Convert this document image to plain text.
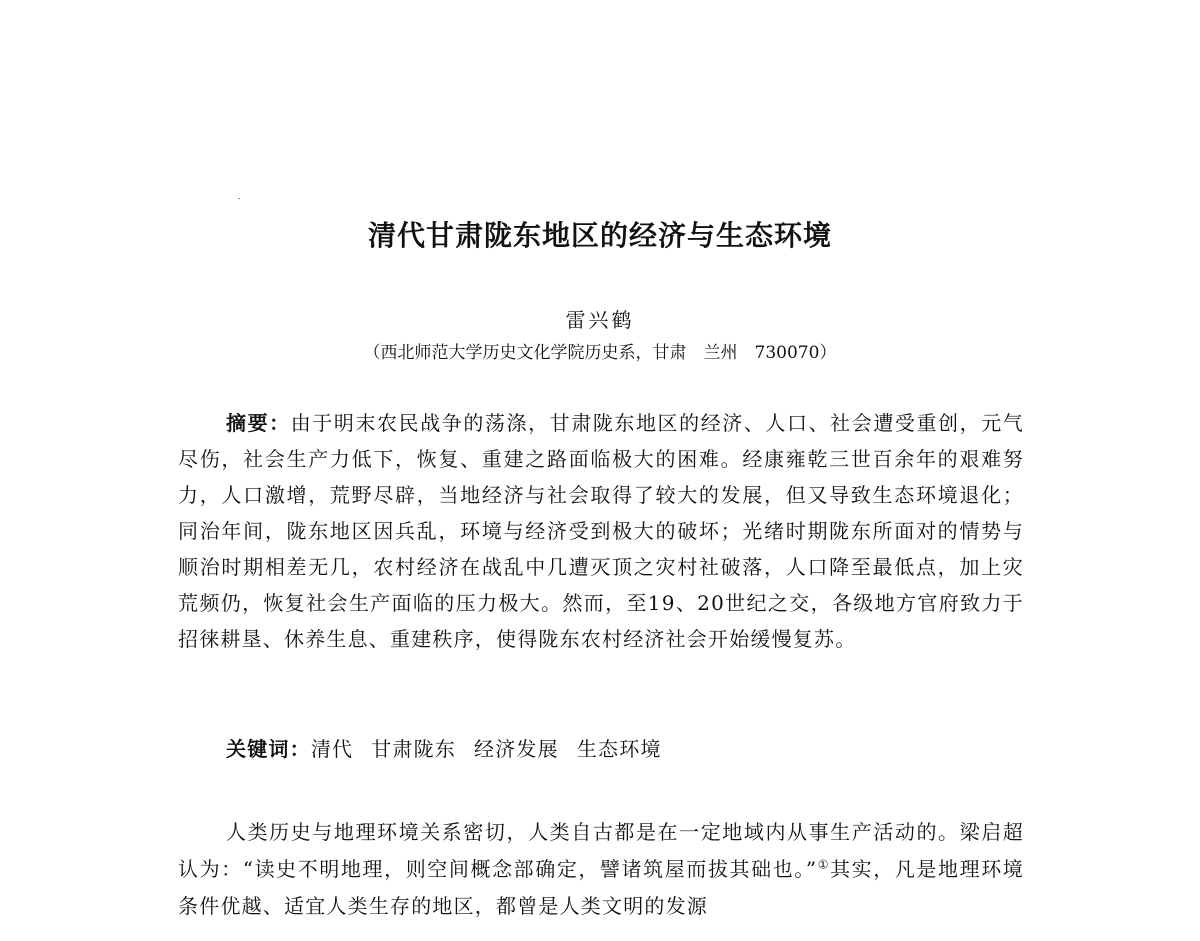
清代甘肃陇东地区的经济与生态环境

雷兴鹤

（西北师范大学历史文化学院历史系，甘肃　兰州　730070）

摘要：由于明末农民战争的荡涤，甘肃陇东地区的经济、人口、社会遭受重创，元气尽伤，社会生产力低下，恢复、重建之路面临极大的困难。经康雍乾三世百余年的艰难努力，人口激增，荒野尽辟，当地经济与社会取得了较大的发展，但又导致生态环境退化；同治年间，陇东地区因兵乱，环境与经济受到极大的破坏；光绪时期陇东所面对的情势与顺治时期相差无几，农村经济在战乱中几遭灭顶之灾村社破落，人口降至最低点，加上灾荒频仍，恢复社会生产面临的压力极大。然而，至19、20世纪之交，各级地方官府致力于招徕耕垦、休养生息、重建秩序，使得陇东农村经济社会开始缓慢复苏。

关键词：清代 甘肃陇东 经济发展 生态环境

人类历史与地理环境关系密切，人类自古都是在一定地域内从事生产活动的。梁启超认为：“读史不明地理，则空间概念部确定，譬诸筑屋而拔其础也。”①其实，凡是地理环境条件优越、适宜人类生存的地区，都曾是人类文明的发源
